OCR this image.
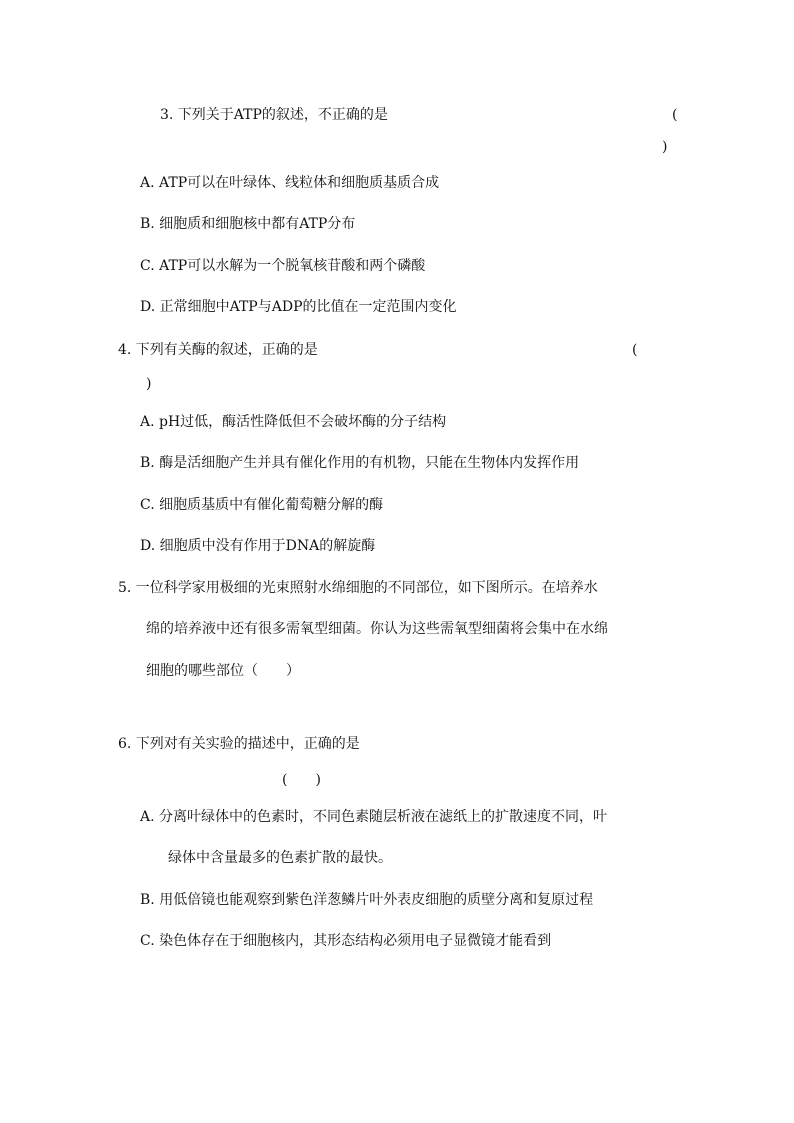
3. 下列关于ATP的叙述，不正确的是	(
)
A. ATP可以在叶绿体、线粒体和细胞质基质合成
B. 细胞质和细胞核中都有ATP分布
C. ATP可以水解为一个脱氧核苷酸和两个磷酸
D. 正常细胞中ATP与ADP的比值在一定范围内变化
4. 下列有关酶的叙述，正确的是	(
)
A. pH过低，酶活性降低但不会破坏酶的分子结构
B. 酶是活细胞产生并具有催化作用的有机物，只能在生物体内发挥作用
C. 细胞质基质中有催化葡萄糖分解的酶
D. 细胞质中没有作用于DNA的解旋酶
5. 一位科学家用极细的光束照射水绵细胞的不同部位，如下图所示。在培养水
绵的培养液中还有很多需氧型细菌。你认为这些需氧型细菌将会集中在水绵
细胞的哪些部位（　　）
6. 下列对有关实验的描述中，正确的是
(　　)
A. 分离叶绿体中的色素时，不同色素随层析液在滤纸上的扩散速度不同，叶
绿体中含量最多的色素扩散的最快。
B. 用低倍镜也能观察到紫色洋葱鳞片叶外表皮细胞的质壁分离和复原过程
C. 染色体存在于细胞核内，其形态结构必须用电子显微镜才能看到
